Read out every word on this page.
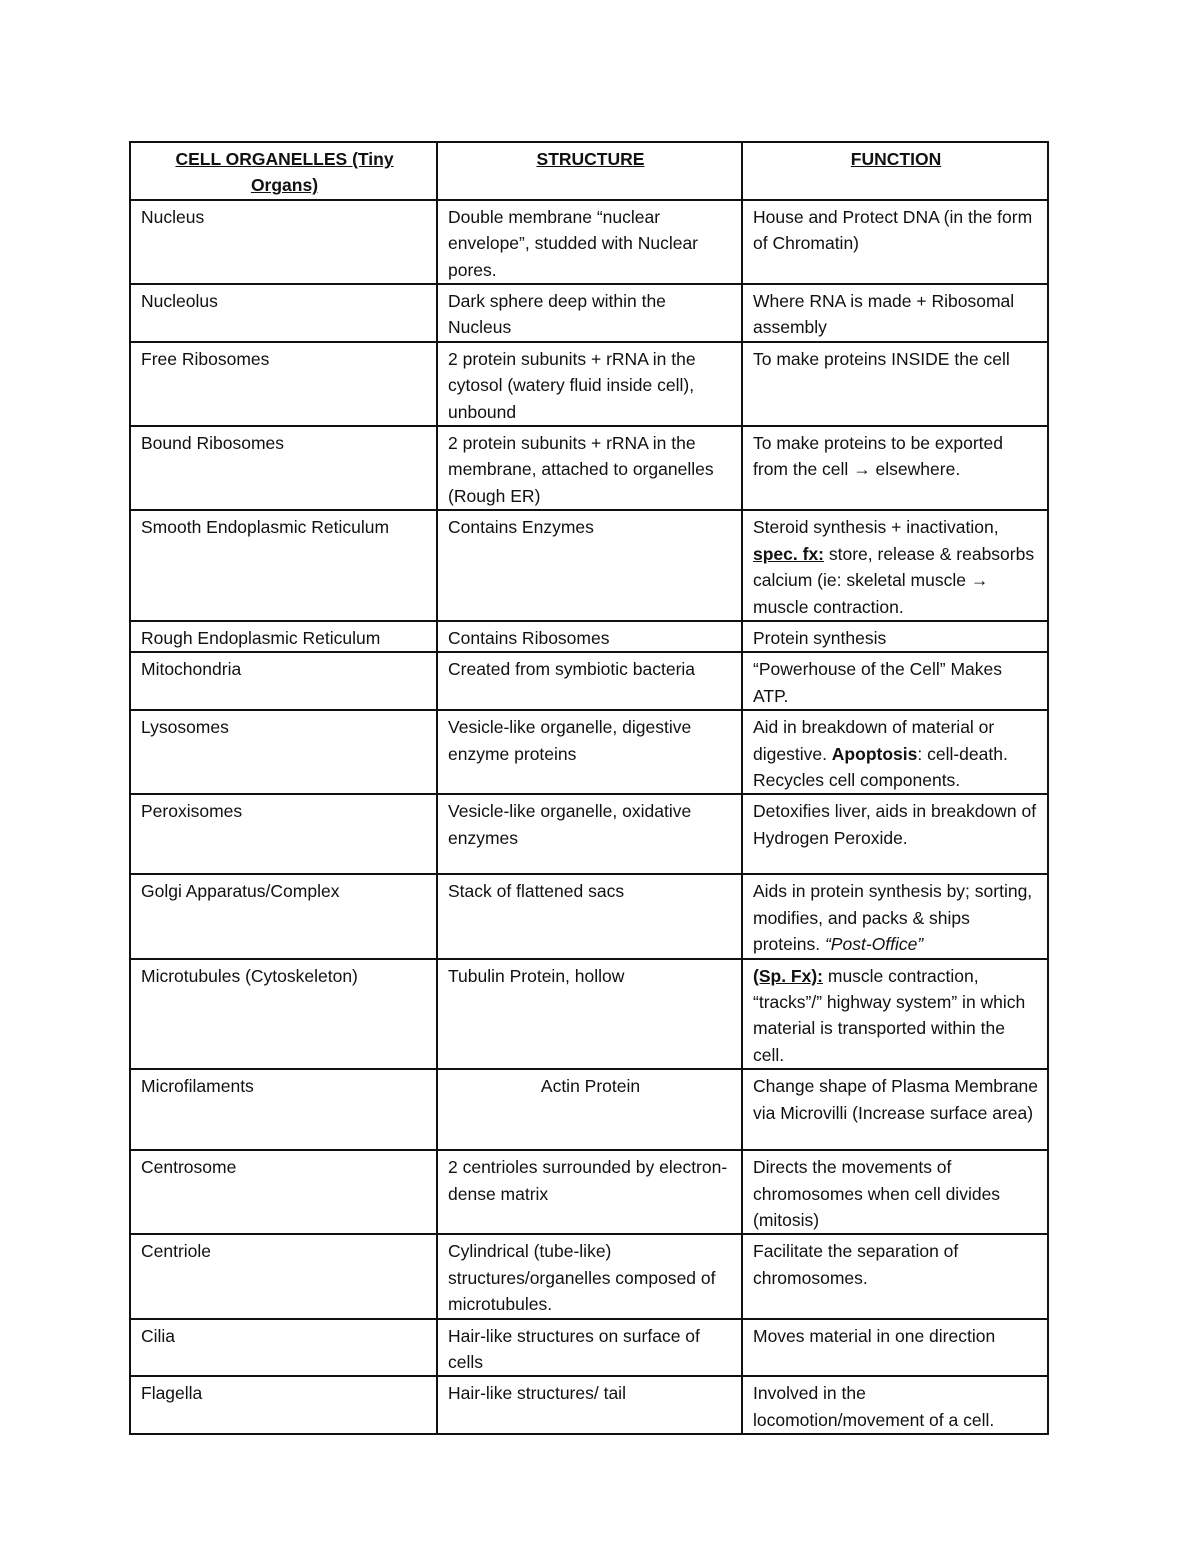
CELL ORGANELLES (Tiny Organs)	STRUCTURE	FUNCTION
Nucleus	Double membrane “nuclear envelope”, studded with Nuclear pores.	House and Protect DNA (in the form of Chromatin)
Nucleolus	Dark sphere deep within the Nucleus	Where RNA is made + Ribosomal assembly
Free Ribosomes	2 protein subunits + rRNA in the cytosol (watery fluid inside cell), unbound	To make proteins INSIDE the cell
Bound Ribosomes	2 protein subunits + rRNA in the membrane, attached to organelles (Rough ER)	To make proteins to be exported from the cell → elsewhere.
Smooth Endoplasmic Reticulum	Contains Enzymes	Steroid synthesis + inactivation, spec. fx: store, release & reabsorbs calcium (ie: skeletal muscle → muscle contraction.
Rough Endoplasmic Reticulum	Contains Ribosomes	Protein synthesis
Mitochondria	Created from symbiotic bacteria	“Powerhouse of the Cell” Makes ATP.
Lysosomes	Vesicle-like organelle, digestive enzyme proteins	Aid in breakdown of material or digestive. Apoptosis: cell-death. Recycles cell components.
Peroxisomes	Vesicle-like organelle, oxidative enzymes	Detoxifies liver, aids in breakdown of Hydrogen Peroxide.
Golgi Apparatus/Complex	Stack of flattened sacs	Aids in protein synthesis by; sorting, modifies, and packs & ships proteins. “Post-Office”
Microtubules (Cytoskeleton)	Tubulin Protein, hollow	(Sp. Fx): muscle contraction, “tracks”/” highway system” in which material is transported within the cell.
Microfilaments	Actin Protein	Change shape of Plasma Membrane via Microvilli (Increase surface area)
Centrosome	2 centrioles surrounded by electron-dense matrix	Directs the movements of chromosomes when cell divides (mitosis)
Centriole	Cylindrical (tube-like) structures/organelles composed of microtubules.	Facilitate the separation of chromosomes.
Cilia	Hair-like structures on surface of cells	Moves material in one direction
Flagella	Hair-like structures/ tail	Involved in the locomotion/movement of a cell.
